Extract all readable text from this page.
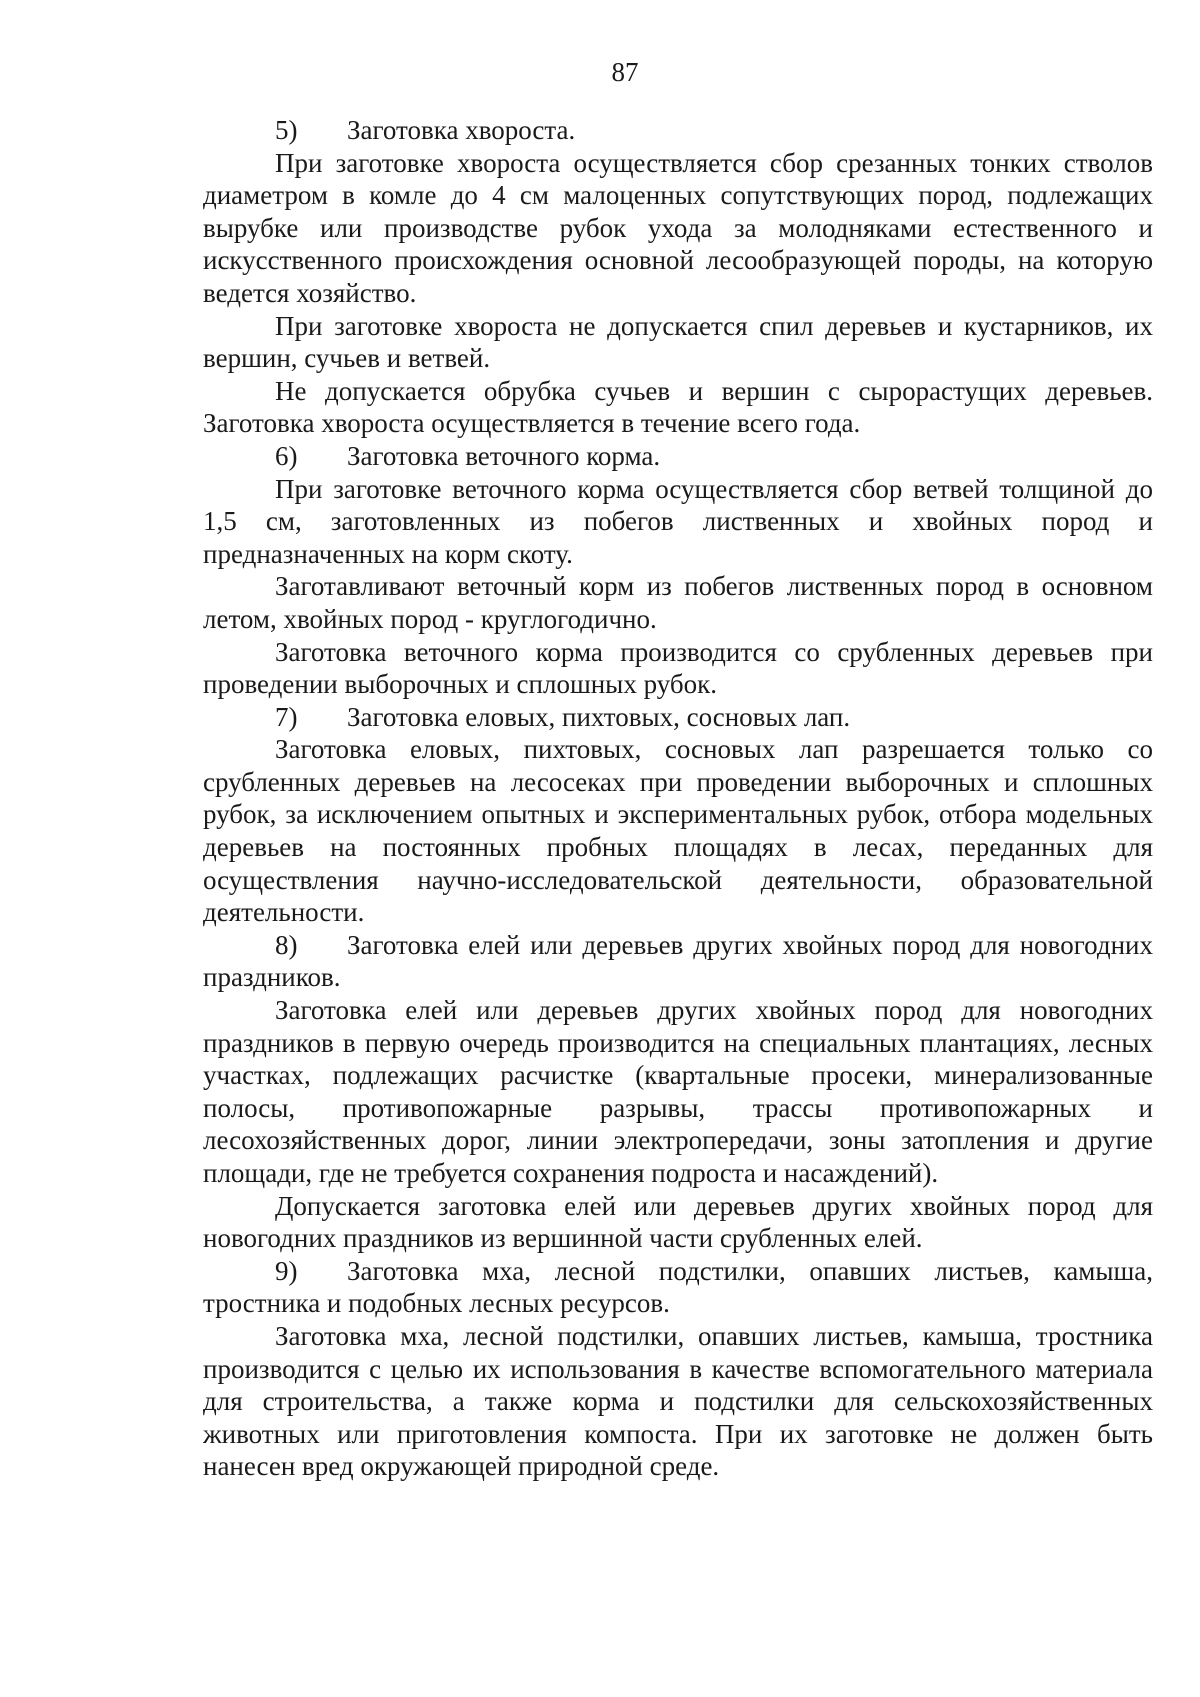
87
5)	Заготовка хвороста.

При заготовке хвороста осуществляется сбор срезанных тонких стволов диаметром в комле до 4 см малоценных сопутствующих пород, подлежащих вырубке или производстве рубок ухода за молодняками естественного и искусственного происхождения основной лесообразующей породы, на которую ведется хозяйство.

При заготовке хвороста не допускается спил деревьев и кустарников, их вершин, сучьев и ветвей.

Не допускается обрубка сучьев и вершин с сырорастущих деревьев. Заготовка хвороста осуществляется в течение всего года.

6)	Заготовка веточного корма.

При заготовке веточного корма осуществляется сбор ветвей толщиной до 1,5 см, заготовленных из побегов лиственных и хвойных пород и предназначенных на корм скоту.

Заготавливают веточный корм из побегов лиственных пород в основном летом, хвойных пород - круглогодично.

Заготовка веточного корма производится со срубленных деревьев при проведении выборочных и сплошных рубок.

7)	Заготовка еловых, пихтовых, сосновых лап.

Заготовка еловых, пихтовых, сосновых лап разрешается только со срубленных деревьев на лесосеках при проведении выборочных и сплошных рубок, за исключением опытных и экспериментальных рубок, отбора модельных деревьев на постоянных пробных площадях в лесах, переданных для осуществления научно-исследовательской деятельности, образовательной деятельности.

8) Заготовка елей или деревьев других хвойных пород для новогодних праздников.

Заготовка елей или деревьев других хвойных пород для новогодних праздников в первую очередь производится на специальных плантациях, лесных участках, подлежащих расчистке (квартальные просеки, минерализованные полосы, противопожарные разрывы, трассы противопожарных и лесохозяйственных дорог, линии электропередачи, зоны затопления и другие площади, где не требуется сохранения подроста и насаждений).

Допускается заготовка елей или деревьев других хвойных пород для новогодних праздников из вершинной части срубленных елей.

9) Заготовка мха, лесной подстилки, опавших листьев, камыша, тростника и подобных лесных ресурсов.

Заготовка мха, лесной подстилки, опавших листьев, камыша, тростника производится с целью их использования в качестве вспомогательного материала для строительства, а также корма и подстилки для сельскохозяйственных животных или приготовления компоста. При их заготовке не должен быть нанесен вред окружающей природной среде.
